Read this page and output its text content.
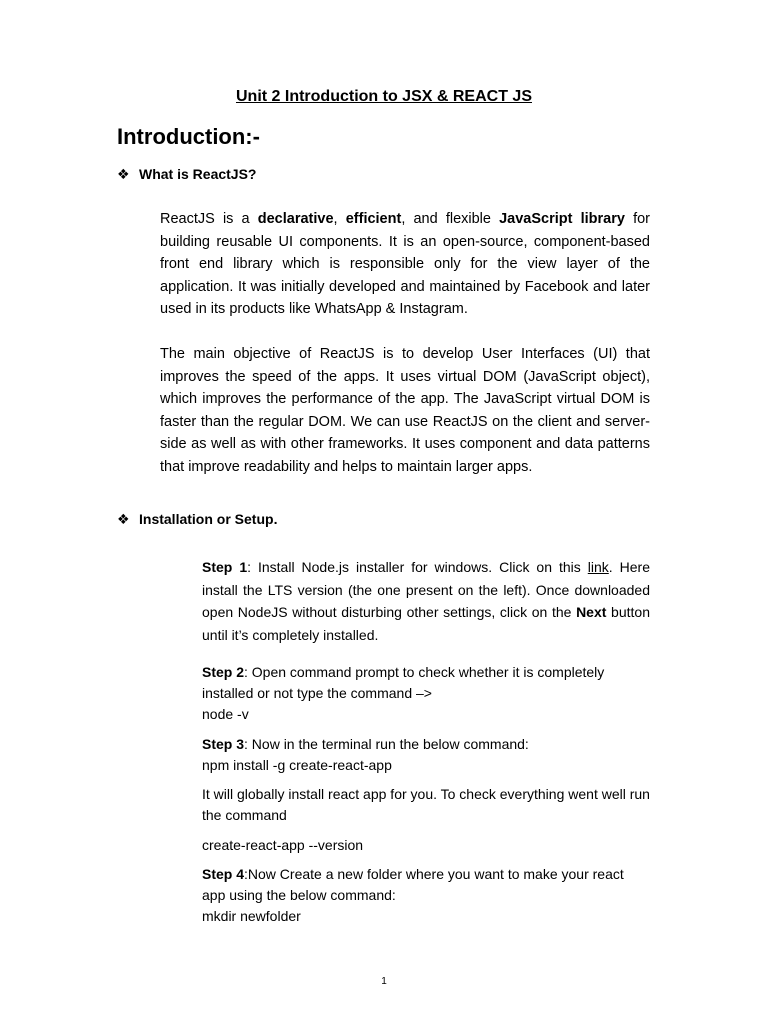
Unit 2 Introduction to JSX & REACT JS
Introduction:-
❖ What is ReactJS?
ReactJS is a declarative, efficient, and flexible JavaScript library for building reusable UI components. It is an open-source, component-based front end library which is responsible only for the view layer of the application. It was initially developed and maintained by Facebook and later used in its products like WhatsApp & Instagram.
The main objective of ReactJS is to develop User Interfaces (UI) that improves the speed of the apps. It uses virtual DOM (JavaScript object), which improves the performance of the app. The JavaScript virtual DOM is faster than the regular DOM. We can use ReactJS on the client and server-side as well as with other frameworks. It uses component and data patterns that improve readability and helps to maintain larger apps.
❖ Installation or Setup.
Step 1: Install Node.js installer for windows. Click on this link. Here install the LTS version (the one present on the left). Once downloaded open NodeJS without disturbing other settings, click on the Next button until it’s completely installed.
Step 2: Open command prompt to check whether it is completely installed or not type the command –>
node -v
Step 3: Now in the terminal run the below command:
npm install -g create-react-app
It will globally install react app for you. To check everything went well run the command
create-react-app --version
Step 4:Now Create a new folder where you want to make your react app using the below command:
mkdir newfolder
1
